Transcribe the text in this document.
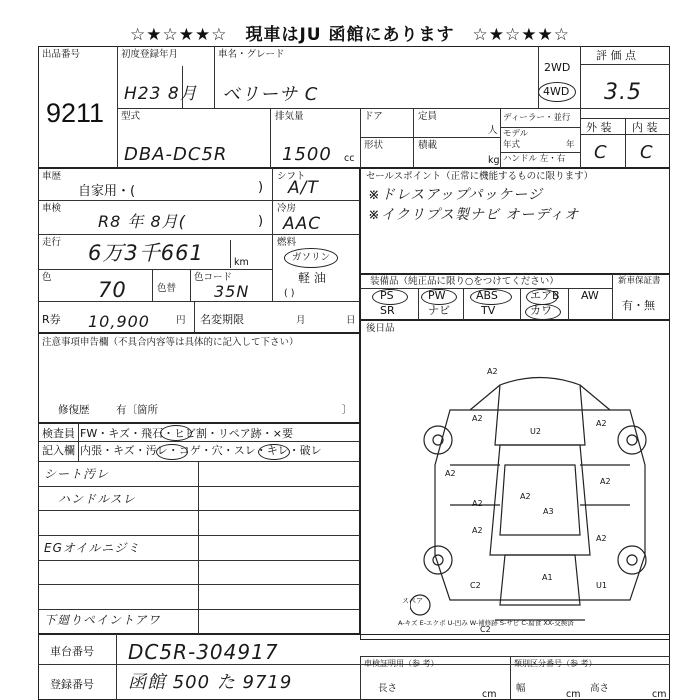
☆★☆★★☆　現車はJU 函館にあります　☆★☆★★☆
出品番号
9211
初度登録年月	車名・グレード
H23 8月 ベリーサ C
2WD
4WD
評 価 点
3.5
型式
DBA-DC5R
排気量
1500 cc
ドア	定員
人
形状	積載
kg
ディーラー・並行
モデル
年式	年
ハンドル 左・右
外 装 内 装
C C
車歴
自家用・(	)
シフト
A/T
車検
R8 年 8月(	)
冷房
AAC
走行 6万3千661	km
燃料
ガソリン
軽 油
( )
色
70	色替
色コード
35N
R券 10,900	円 名変期限	月	日
セールスポイント（正常に機能するものに限ります）
※ドレスアップパッケージ
※イクリプス製ナビ オーディオ
装備品（純正品に限り○をつけてください）	新車保証書
有・無
PS	PW	ABS	エアB AW
SR	ナビ	TV	カワ
後日品
注意事項申告欄（不具合内容等は具体的に記入して下さい）
修復歴	有〔箇所	〕
検査員 FW・キズ・飛石・ヒビ割・リペア跡・×要
記入欄 内張・キズ・汚レ・コゲ・穴・スレ・キレ・破レ
シート汚レ
ハンドルスレ
EGオイルニジミ
下廻りペイントアワ
A2
U2
A2
A2
A2
A2
A2
A2
A3
A2
A2
C2
A1
U1
C2
スペア
A-キズ E-エクボ U-凹み W-補修跡 S-サビ C-腐食 XX-交換済
車台番号 DC5R-304917
登録番号 函館 500 た 9719
車検証明用（参 考）	類別区分番号（参 考）
長さ
cm
幅
cm
高さ
cm
